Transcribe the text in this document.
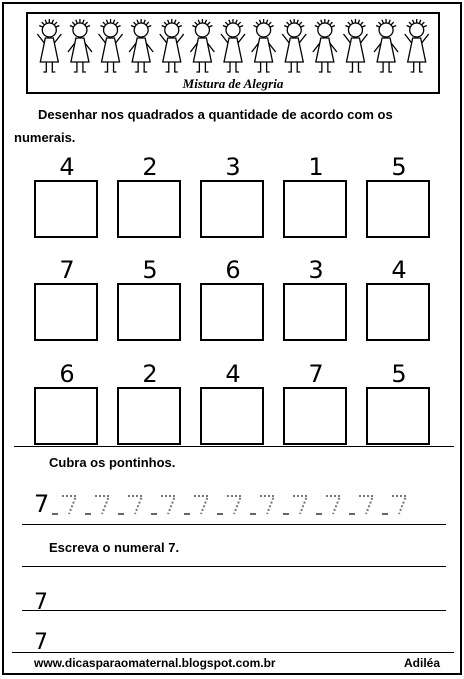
Mistura de Alegria
Desenhar nos quadrados a quantidade de acordo com os numerais.
4	2	3	1	5
7	5	6	3	4
6	2	4	7	5
Cubra os pontinhos.
7
Escreva o numeral 7.
7
7
www.dicasparaomaternal.blogspot.com.br	Adiléa
